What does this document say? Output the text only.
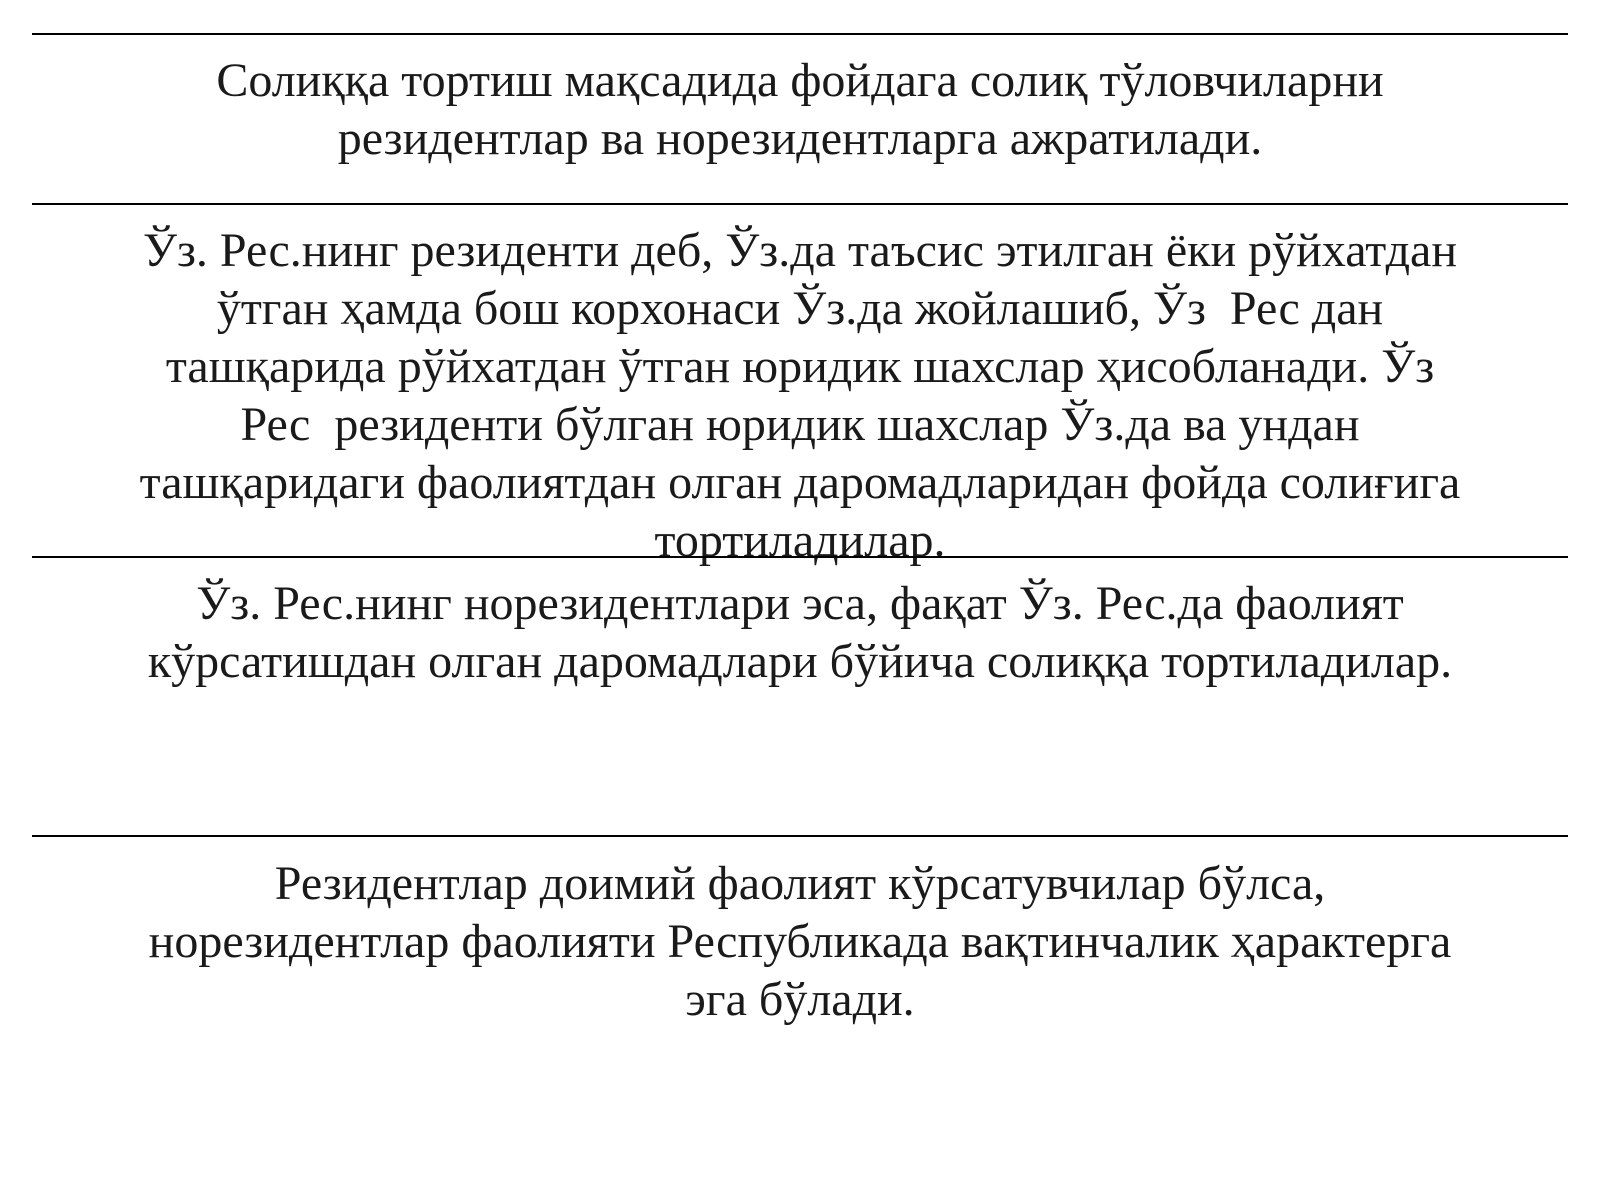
Солиққа тортиш мақсадида фойдага солиқ тўловчиларни
резидентлар ва норезидентларга ажратилади.
Ўз. Рес.нинг резиденти деб, Ўз.да таъсис этилган ёки рўйхатдан
ўтган ҳамда бош корхонаси Ўз.да жойлашиб, Ўз  Рес дан
ташқарида рўйхатдан ўтган юридик шахслар ҳисобланади. Ўз
Рес  резиденти бўлган юридик шахслар Ўз.да ва ундан
ташқаридаги фаолиятдан олган даромадларидан фойда солиғига
тортиладилар.
Ўз. Рес.нинг норезидентлари эса, фақат Ўз. Рес.да фаолият
кўрсатишдан олган даромадлари бўйича солиққа тортиладилар.
Резидентлар доимий фаолият кўрсатувчилар бўлса,
норезидентлар фаолияти Республикада вақтинчалик ҳарактерга
эга бўлади.
